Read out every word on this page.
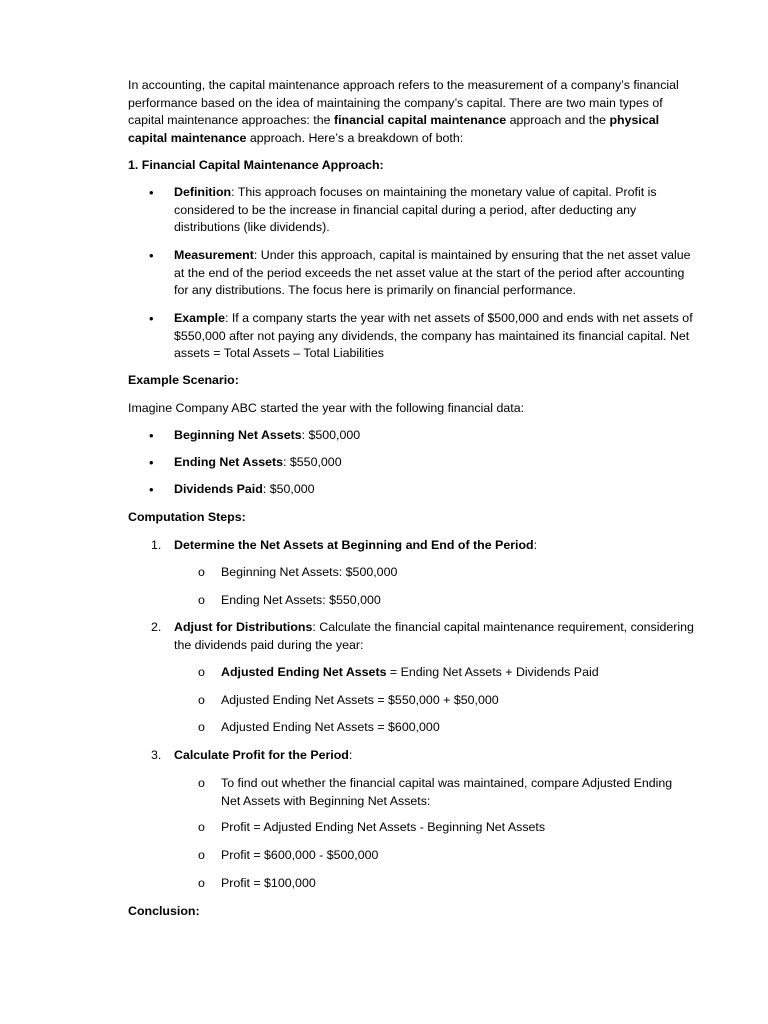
In accounting, the capital maintenance approach refers to the measurement of a company’s financial performance based on the idea of maintaining the company’s capital. There are two main types of capital maintenance approaches: the financial capital maintenance approach and the physical capital maintenance approach. Here’s a breakdown of both:

1. Financial Capital Maintenance Approach:

• Definition: This approach focuses on maintaining the monetary value of capital. Profit is considered to be the increase in financial capital during a period, after deducting any distributions (like dividends).

• Measurement: Under this approach, capital is maintained by ensuring that the net asset value at the end of the period exceeds the net asset value at the start of the period after accounting for any distributions. The focus here is primarily on financial performance.

• Example: If a company starts the year with net assets of $500,000 and ends with net assets of $550,000 after not paying any dividends, the company has maintained its financial capital. Net assets = Total Assets – Total Liabilities

Example Scenario:

Imagine Company ABC started the year with the following financial data:

• Beginning Net Assets: $500,000

• Ending Net Assets: $550,000

• Dividends Paid: $50,000

Computation Steps:

1. Determine the Net Assets at Beginning and End of the Period:

o Beginning Net Assets: $500,000

o Ending Net Assets: $550,000

2. Adjust for Distributions: Calculate the financial capital maintenance requirement, considering the dividends paid during the year:

o Adjusted Ending Net Assets = Ending Net Assets + Dividends Paid

o Adjusted Ending Net Assets = $550,000 + $50,000

o Adjusted Ending Net Assets = $600,000

3. Calculate Profit for the Period:

o To find out whether the financial capital was maintained, compare Adjusted Ending Net Assets with Beginning Net Assets:

o Profit = Adjusted Ending Net Assets - Beginning Net Assets

o Profit = $600,000 - $500,000

o Profit = $100,000

Conclusion:
